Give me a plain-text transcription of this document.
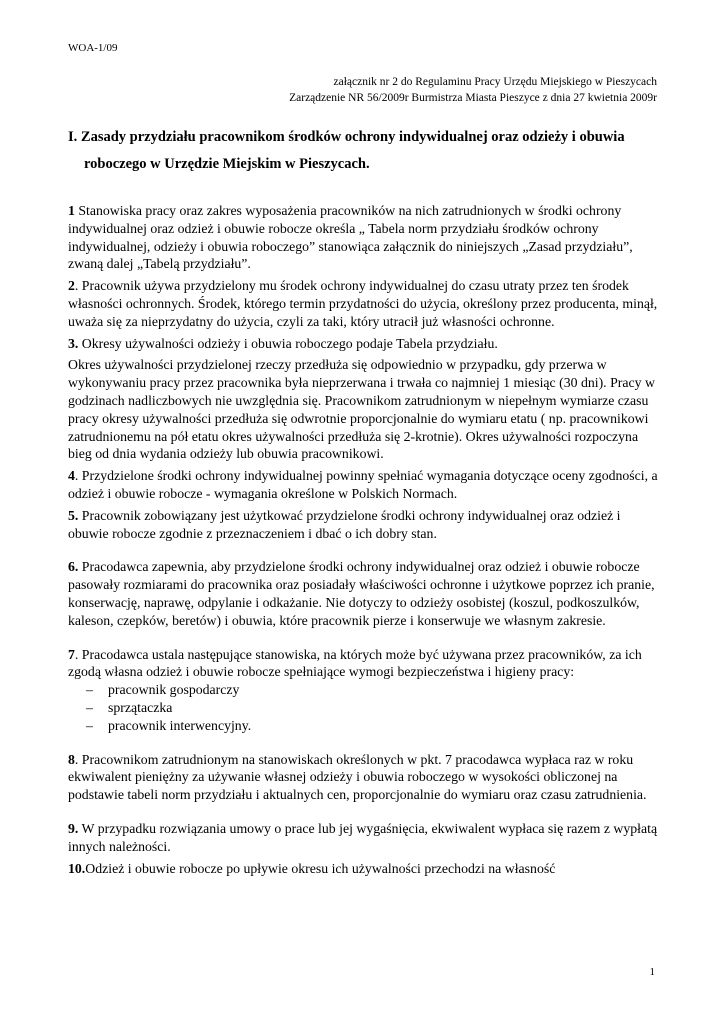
WOA-1/09
załącznik nr 2 do Regulaminu Pracy Urzędu Miejskiego w Pieszycach
Zarządzenie NR 56/2009r Burmistrza Miasta Pieszyce z dnia 27 kwietnia 2009r
I. Zasady przydziału pracownikom środków ochrony indywidualnej oraz odzieży i obuwia
roboczego w Urzędzie Miejskim w Pieszycach.

1 Stanowiska pracy oraz zakres wyposażenia pracowników na nich zatrudnionych w środki ochrony indywidualnej oraz odzież i obuwie robocze określa „ Tabela norm przydziału środków ochrony indywidualnej, odzieży i obuwia roboczego” stanowiąca załącznik do niniejszych „Zasad przydziału”, zwaną dalej „Tabelą przydziału”.

2. Pracownik używa przydzielony mu środek ochrony indywidualnej do czasu utraty przez ten środek własności ochronnych. Środek, którego termin przydatności do użycia, określony przez producenta, minął, uważa się za nieprzydatny do użycia, czyli za taki, który utracił już własności ochronne.

3. Okresy używalności odzieży i obuwia roboczego podaje Tabela przydziału.

Okres używalności przydzielonej rzeczy przedłuża się odpowiednio w przypadku, gdy przerwa w wykonywaniu pracy przez pracownika była nieprzerwana i trwała co najmniej 1 miesiąc (30 dni). Pracy w godzinach nadliczbowych nie uwzględnia się. Pracownikom zatrudnionym w niepełnym wymiarze czasu pracy okresy używalności przedłuża się odwrotnie proporcjonalnie do wymiaru etatu ( np. pracownikowi zatrudnionemu na pół etatu okres używalności przedłuża się 2-krotnie). Okres używalności rozpoczyna bieg od dnia wydania odzieży lub obuwia pracownikowi.

4. Przydzielone środki ochrony indywidualnej powinny spełniać wymagania dotyczące oceny zgodności, a odzież i obuwie robocze - wymagania określone w Polskich Normach.

5. Pracownik zobowiązany jest użytkować przydzielone środki ochrony indywidualnej oraz odzież i obuwie robocze zgodnie z przeznaczeniem i dbać o ich dobry stan.

6. Pracodawca zapewnia, aby przydzielone środki ochrony indywidualnej oraz odzież i obuwie robocze pasowały rozmiarami do pracownika oraz posiadały właściwości ochronne i użytkowe poprzez ich pranie, konserwację, naprawę, odpylanie i odkażanie. Nie dotyczy to odzieży osobistej (koszul, podkoszulków, kaleson, czepków, beretów) i obuwia, które pracownik pierze i konserwuje we własnym zakresie.

7. Pracodawca ustala następujące stanowiska, na których może być używana przez pracowników, za ich zgodą własna odzież i obuwie robocze spełniające wymogi bezpieczeństwa i higieny pracy:

– pracownik gospodarczy
– sprzątaczka
– pracownik interwencyjny.

8. Pracownikom zatrudnionym na stanowiskach określonych w pkt. 7 pracodawca wypłaca raz w roku ekwiwalent pieniężny za używanie własnej odzieży i obuwia roboczego w wysokości obliczonej na podstawie tabeli norm przydziału i aktualnych cen, proporcjonalnie do wymiaru oraz czasu zatrudnienia.

9. W przypadku rozwiązania umowy o prace lub jej wygaśnięcia, ekwiwalent wypłaca się razem z wypłatą innych należności.

10.Odzież i obuwie robocze po upływie okresu ich używalności przechodzi na własność

1
